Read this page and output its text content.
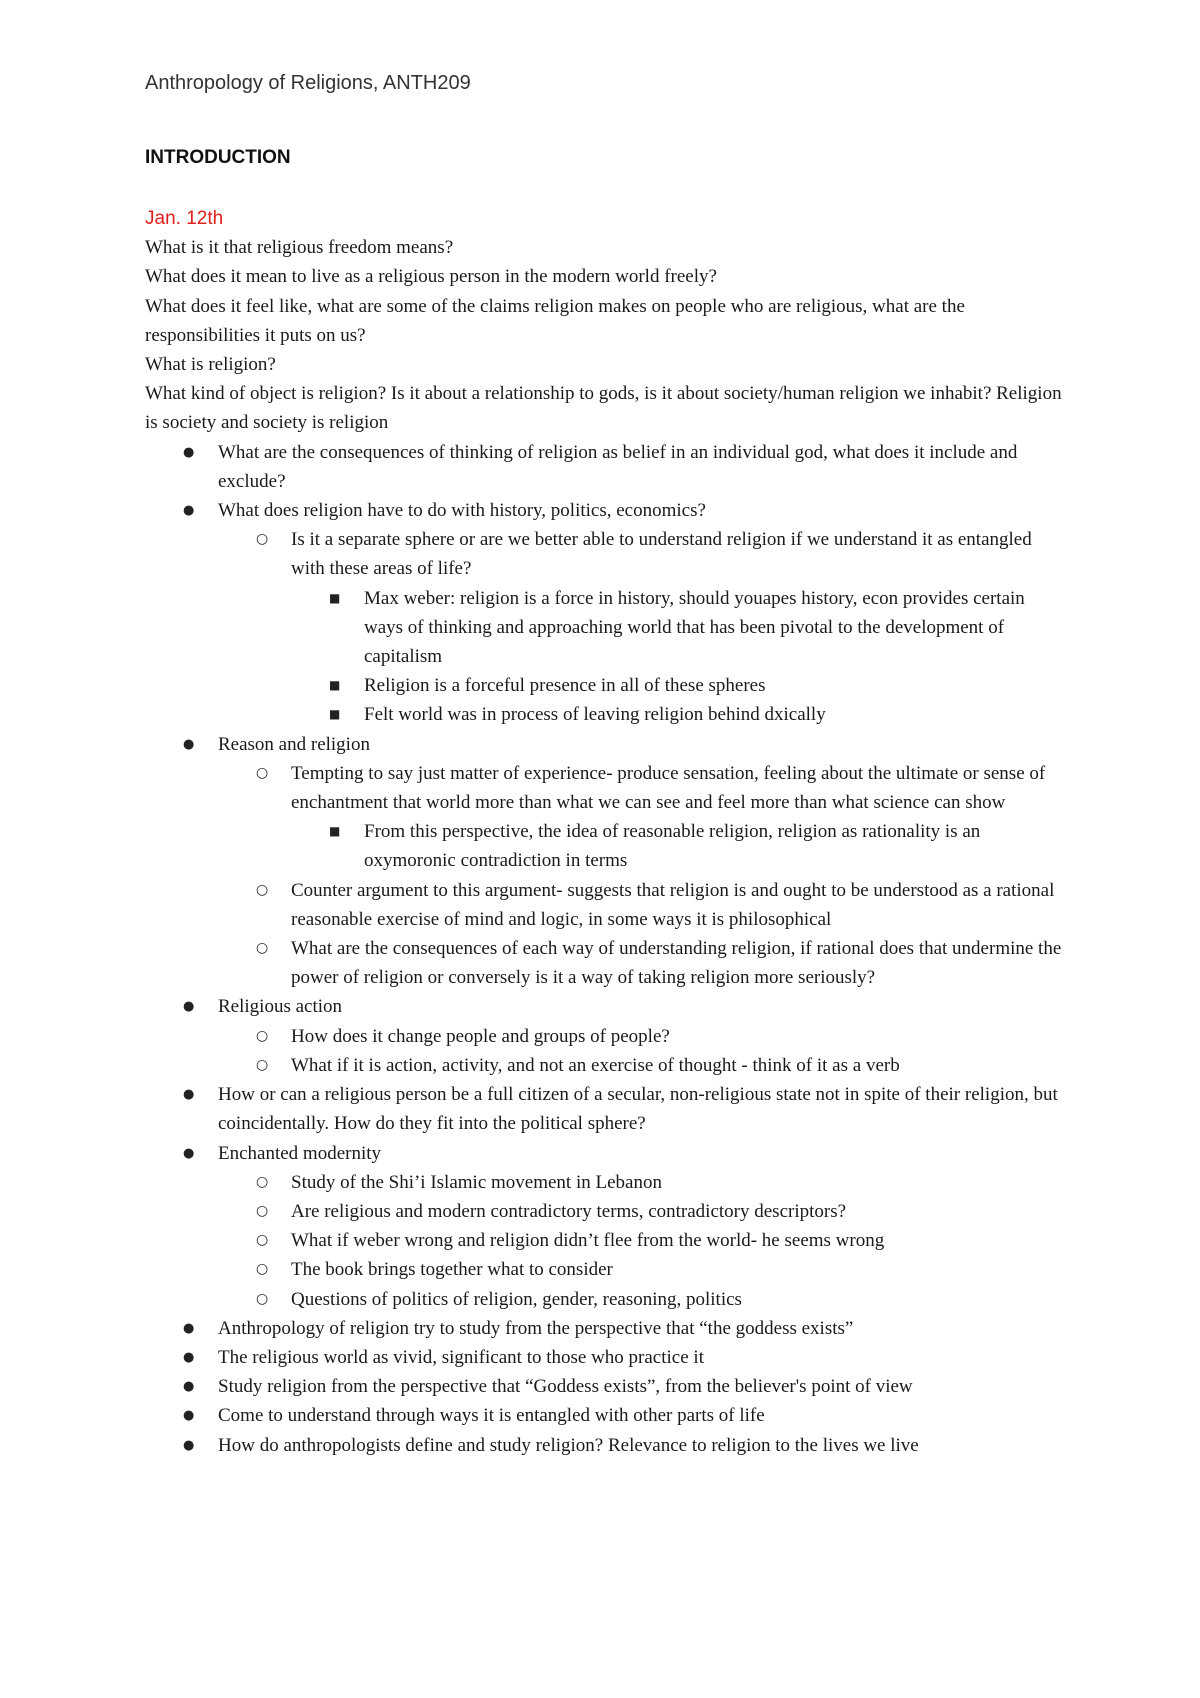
Anthropology of Religions, ANTH209
INTRODUCTION

Jan. 12th

What is it that religious freedom means?

What does it mean to live as a religious person in the modern world freely?

What does it feel like, what are some of the claims religion makes on people who are religious, what are the responsibilities it puts on us?

What is religion?

What kind of object is religion? Is it about a relationship to gods, is it about society/human religion we inhabit? Religion is society and society is religion

● What are the consequences of thinking of religion as belief in an individual god, what does it include and exclude?
● What does religion have to do with history, politics, economics?
○ Is it a separate sphere or are we better able to understand religion if we understand it as entangled with these areas of life?
■ Max weber: religion is a force in history, should youapes history, econ provides certain ways of thinking and approaching world that has been pivotal to the development of capitalism
■ Religion is a forceful presence in all of these spheres
■ Felt world was in process of leaving religion behind dxically
● Reason and religion
○ Tempting to say just matter of experience- produce sensation, feeling about the ultimate or sense of enchantment that world more than what we can see and feel more than what science can show
■ From this perspective, the idea of reasonable religion, religion as rationality is an oxymoronic contradiction in terms
○ Counter argument to this argument- suggests that religion is and ought to be understood as a rational reasonable exercise of mind and logic, in some ways it is philosophical
○ What are the consequences of each way of understanding religion, if rational does that undermine the power of religion or conversely is it a way of taking religion more seriously?
● Religious action
○ How does it change people and groups of people?
○ What if it is action, activity, and not an exercise of thought - think of it as a verb
● How or can a religious person be a full citizen of a secular, non-religious state not in spite of their religion, but coincidentally. How do they fit into the political sphere?
● Enchanted modernity
○ Study of the Shi’i Islamic movement in Lebanon
○ Are religious and modern contradictory terms, contradictory descriptors?
○ What if weber wrong and religion didn’t flee from the world- he seems wrong
○ The book brings together what to consider
○ Questions of politics of religion, gender, reasoning, politics
● Anthropology of religion try to study from the perspective that “the goddess exists”
● The religious world as vivid, significant to those who practice it
● Study religion from the perspective that “Goddess exists”, from the believer's point of view
● Come to understand through ways it is entangled with other parts of life
● How do anthropologists define and study religion? Relevance to religion to the lives we live
